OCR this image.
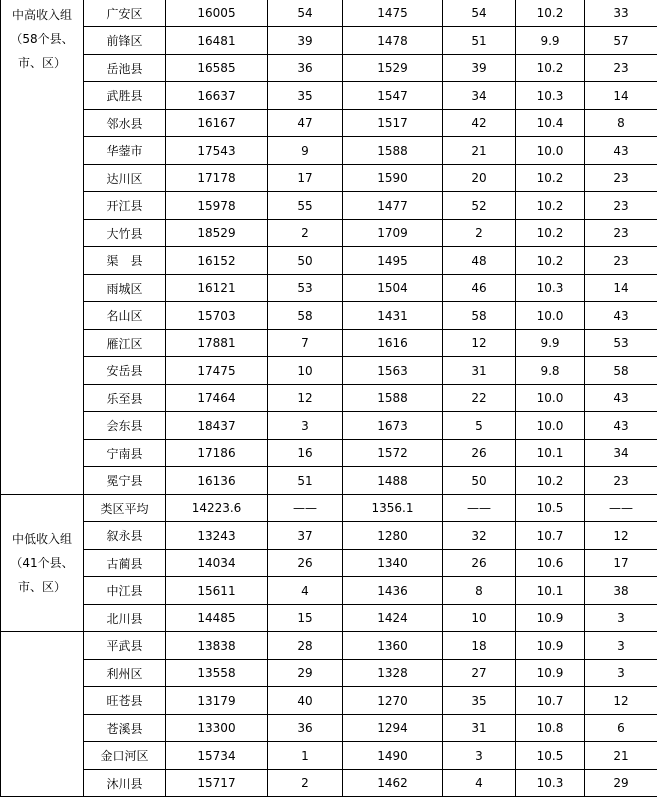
中高收入组
（58个县、
市、区）	广安区	16005	54	1475	54	10.2	33
	前锋区	16481	39	1478	51	9.9	57
	岳池县	16585	36	1529	39	10.2	23
	武胜县	16637	35	1547	34	10.3	14
	邻水县	16167	47	1517	42	10.4	8
	华蓥市	17543	9	1588	21	10.0	43
	达川区	17178	17	1590	20	10.2	23
	开江县	15978	55	1477	52	10.2	23
	大竹县	18529	2	1709	2	10.2	23
	渠　县	16152	50	1495	48	10.2	23
	雨城区	16121	53	1504	46	10.3	14
	名山区	15703	58	1431	58	10.0	43
	雁江区	17881	7	1616	12	9.9	53
	安岳县	17475	10	1563	31	9.8	58
	乐至县	17464	12	1588	22	10.0	43
	会东县	18437	3	1673	5	10.0	43
	宁南县	17186	16	1572	26	10.1	34
	冕宁县	16136	51	1488	50	10.2	23

中低收入组
（41个县、
市、区）	类区平均	14223.6	——	1356.1	——	10.5	——
	叙永县	13243	37	1280	32	10.7	12
	古蔺县	14034	26	1340	26	10.6	17
	中江县	15611	4	1436	8	10.1	38
	北川县	14485	15	1424	10	10.9	3
	平武县	13838	28	1360	18	10.9	3
	利州区	13558	29	1328	27	10.9	3
	旺苍县	13179	40	1270	35	10.7	12
	苍溪县	13300	36	1294	31	10.8	6
	金口河区	15734	1	1490	3	10.5	21
	沐川县	15717	2	1462	4	10.3	29
